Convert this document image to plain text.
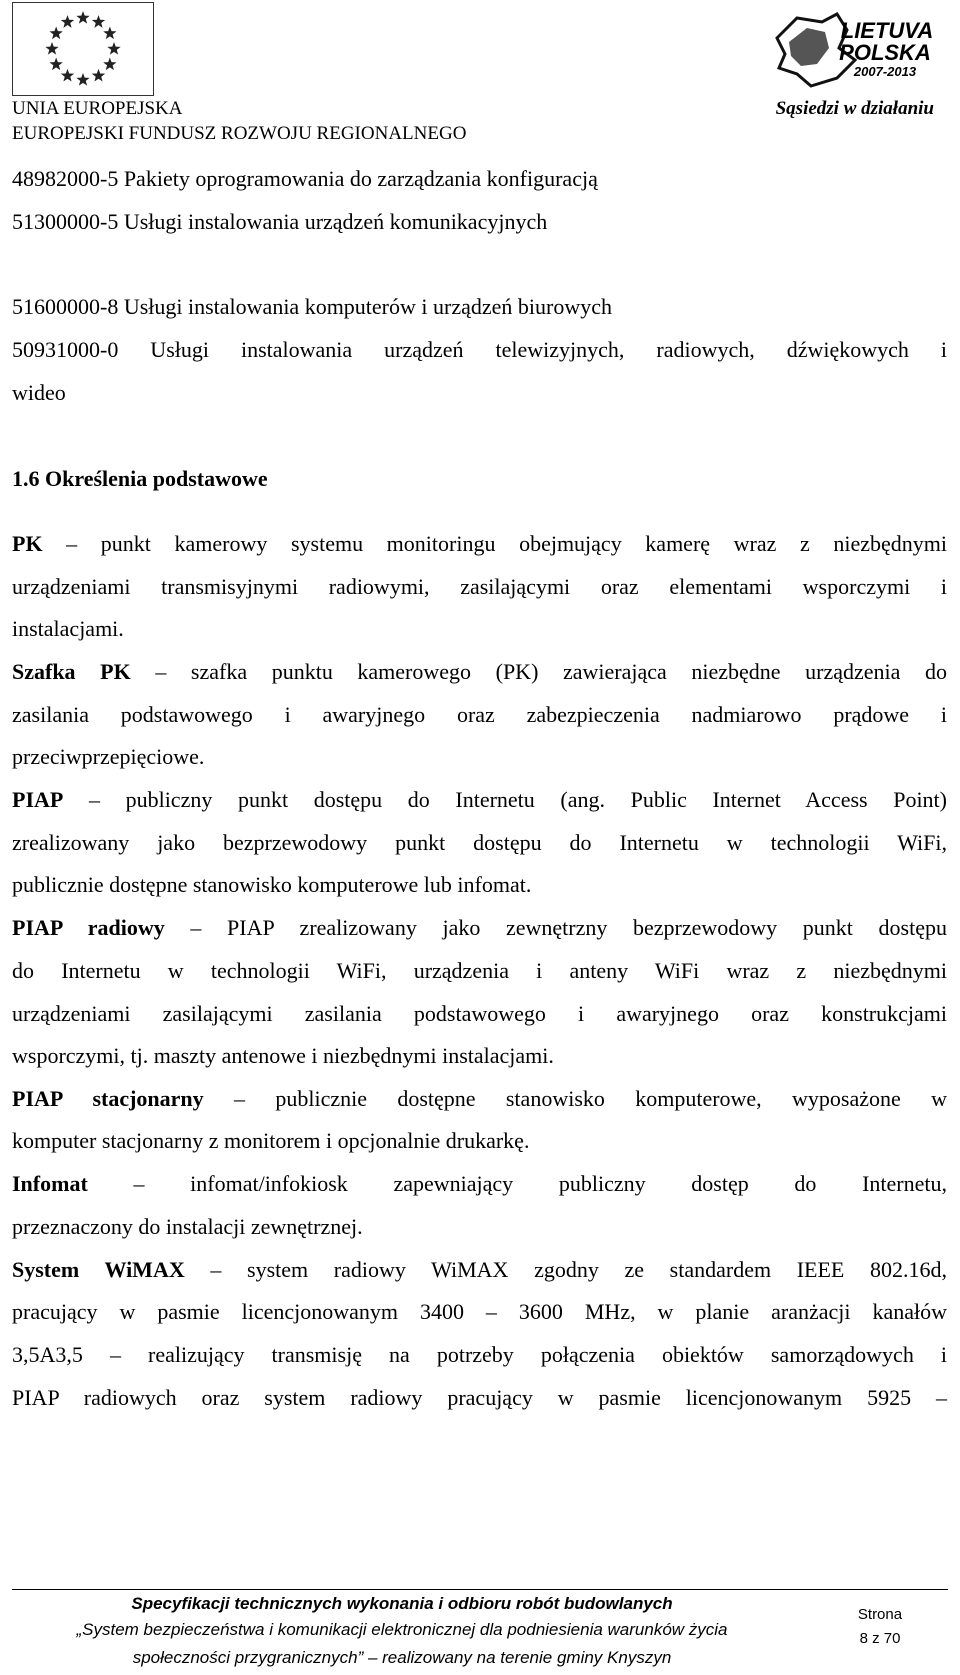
UNIA EUROPEJSKA
EUROPEJSKI FUNDUSZ ROZWOJU REGIONALNEGO
LIETUVA
POLSKA
2007-2013
Sąsiedzi w działaniu
48982000-5 Pakiety oprogramowania do zarządzania konfiguracją
51300000-5 Usługi instalowania urządzeń komunikacyjnych
51600000-8 Usługi instalowania komputerów i urządzeń biurowych
50931000-0 Usługi instalowania urządzeń telewizyjnych, radiowych, dźwiękowych i
wideo
1.6 Określenia podstawowe
PK – punkt kamerowy systemu monitoringu obejmujący kamerę wraz z niezbędnymi
urządzeniami transmisyjnymi radiowymi, zasilającymi oraz elementami wsporczymi i
instalacjami.
Szafka PK – szafka punktu kamerowego (PK) zawierająca niezbędne urządzenia do
zasilania podstawowego i awaryjnego oraz zabezpieczenia nadmiarowo prądowe i
przeciwprzepięciowe.
PIAP – publiczny punkt dostępu do Internetu (ang. Public Internet Access Point)
zrealizowany jako bezprzewodowy punkt dostępu do Internetu w technologii WiFi,
publicznie dostępne stanowisko komputerowe lub infomat.
PIAP radiowy – PIAP zrealizowany jako zewnętrzny bezprzewodowy punkt dostępu
do Internetu w technologii WiFi, urządzenia i anteny WiFi wraz z niezbędnymi
urządzeniami zasilającymi zasilania podstawowego i awaryjnego oraz konstrukcjami
wsporczymi, tj. maszty antenowe i niezbędnymi instalacjami.
PIAP stacjonarny – publicznie dostępne stanowisko komputerowe, wyposażone w
komputer stacjonarny z monitorem i opcjonalnie drukarkę.
Infomat – infomat/infokiosk zapewniający publiczny dostęp do Internetu,
przeznaczony do instalacji zewnętrznej.
System WiMAX – system radiowy WiMAX zgodny ze standardem IEEE 802.16d,
pracujący w pasmie licencjonowanym 3400 – 3600 MHz, w planie aranżacji kanałów
3,5A3,5 – realizujący transmisję na potrzeby połączenia obiektów samorządowych i
PIAP radiowych oraz system radiowy pracujący w pasmie licencjonowanym 5925 –
Specyfikacji technicznych wykonania i odbioru robót budowlanych
„System bezpieczeństwa i komunikacji elektronicznej dla podniesienia warunków życia
społeczności przygranicznych” – realizowany na terenie gminy Knyszyn
Strona
8 z 70
